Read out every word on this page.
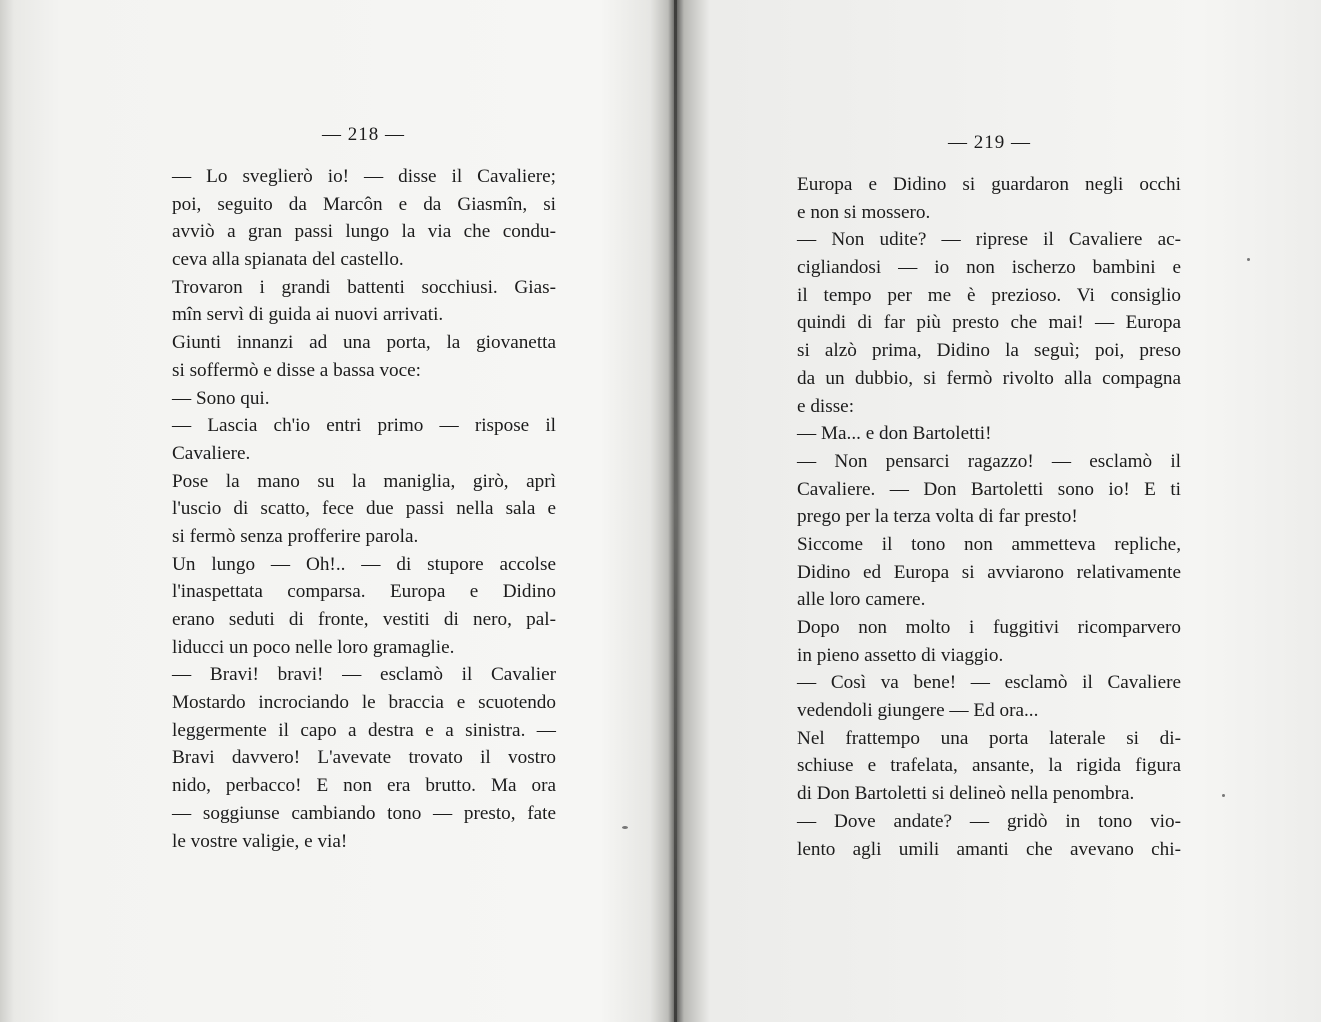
— 218 —
— Lo sveglierò io! — disse il Cavaliere;
poi, seguito da Marcôn e da Giasmîn, si
avviò a gran passi lungo la via che condu-
ceva alla spianata del castello.
Trovaron i grandi battenti socchiusi. Gias-
mîn servì di guida ai nuovi arrivati.
Giunti innanzi ad una porta, la giovanetta
si soffermò e disse a bassa voce:
— Sono qui.
— Lascia ch'io entri primo — rispose il
Cavaliere.
Pose la mano su la maniglia, girò, aprì
l'uscio di scatto, fece due passi nella sala e
si fermò senza profferire parola.
Un lungo — Oh!.. — di stupore accolse
l'inaspettata comparsa. Europa e Didino
erano seduti di fronte, vestiti di nero, pal-
liducci un poco nelle loro gramaglie.
— Bravi! bravi! — esclamò il Cavalier
Mostardo incrociando le braccia e scuotendo
leggermente il capo a destra e a sinistra. —
Bravi davvero! L'avevate trovato il vostro
nido, perbacco! E non era brutto. Ma ora
— soggiunse cambiando tono — presto, fate
le vostre valigie, e via!
— 219 —
Europa e Didino si guardaron negli occhi
e non si mossero.
— Non udite? — riprese il Cavaliere ac-
cigliandosi — io non ischerzo bambini e
il tempo per me è prezioso. Vi consiglio
quindi di far più presto che mai! — Europa
si alzò prima, Didino la seguì; poi, preso
da un dubbio, si fermò rivolto alla compagna
e disse:
— Ma... e don Bartoletti!
— Non pensarci ragazzo! — esclamò il
Cavaliere. — Don Bartoletti sono io! E ti
prego per la terza volta di far presto!
Siccome il tono non ammetteva repliche,
Didino ed Europa si avviarono relativamente
alle loro camere.
Dopo non molto i fuggitivi ricomparvero
in pieno assetto di viaggio.
— Così va bene! — esclamò il Cavaliere
vedendoli giungere — Ed ora...
Nel frattempo una porta laterale si di-
schiuse e trafelata, ansante, la rigida figura
di Don Bartoletti si delineò nella penombra.
— Dove andate? — gridò in tono vio-
lento agli umili amanti che avevano chi-
